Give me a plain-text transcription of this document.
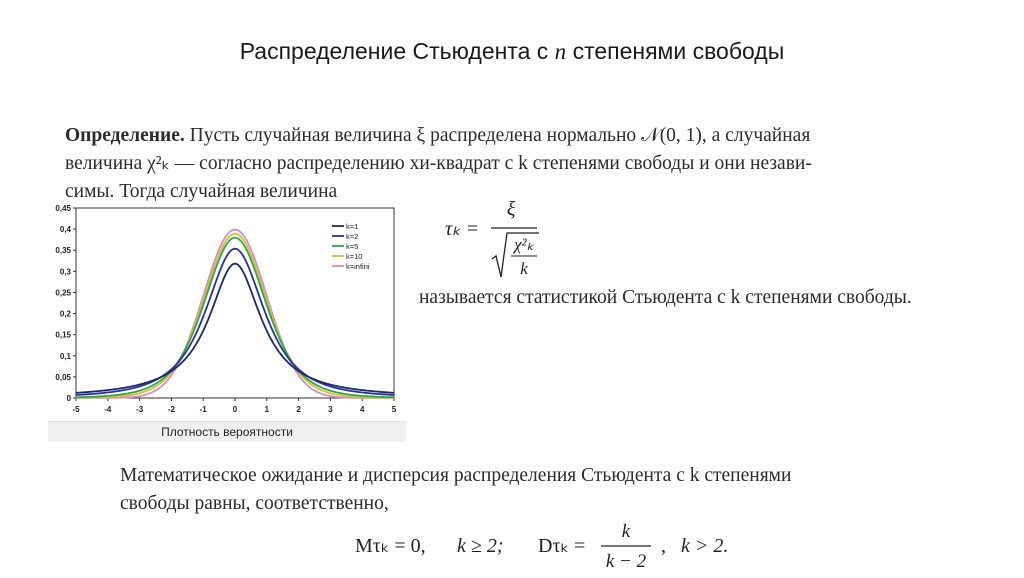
Распределение Стьюдента с n степенями свободы
Определение. Пусть случайная величина ξ распределена нормально 𝒩(0, 1), а случайная
величина χ²ₖ — согласно распределению хи-квадрат с k степенями свободы и они незави-
симы. Тогда случайная величина
0
0,05
0,1
0,15
0,2
0,25
0,3
0,35
0,4
0,45
-5	-4	-3	-2	-1	0	1	2	3	4	5
k=1
k=2
k=5
k=10
k=infini
Плотность вероятности
τₖ =
ξ
χ²ₖ
k
называется статистикой Стьюдента с k степенями свободы.
Математическое ожидание и дисперсия распределения Стьюдента с k степенями
свободы равны, соответственно,
Mτₖ = 0, k ≥ 2; Dτₖ =
k
k − 2
, k > 2.
